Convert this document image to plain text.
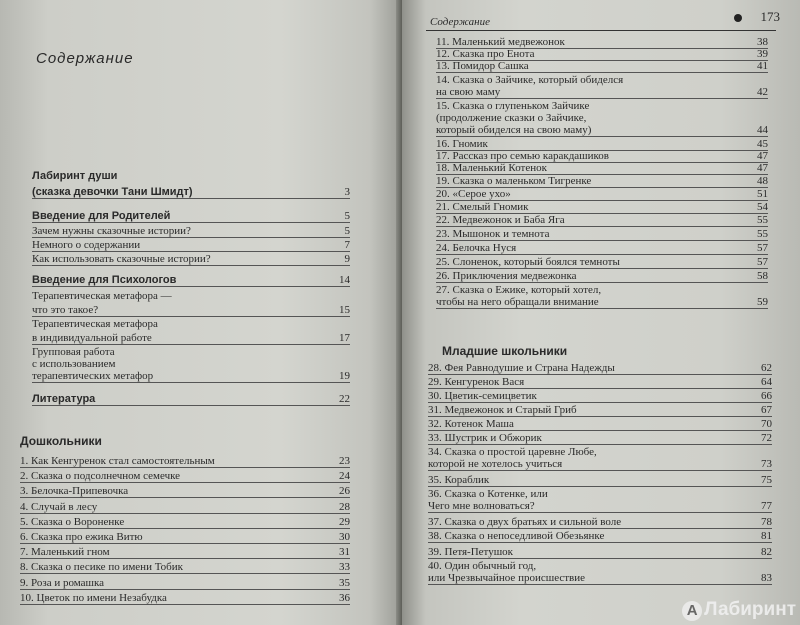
Содержание
Лабиринт души
(сказка девочки Тани Шмидт)	3
Введение для Родителей	5
Зачем нужны сказочные истории?	5
Немного о содержании	7
Как использовать сказочные истории?	9
Введение для Психологов	14
Терапевтическая метафора —
что это такое?	15
Терапевтическая метафора
в индивидуальной работе	17
Групповая работа
с использованием
терапевтических метафор	19
Литература	22
Дошкольники
1. Как Кенгуренок стал самостоятельным	23
2. Сказка о подсолнечном семечке	24
3. Белочка-Припевочка	26
4. Случай в лесу	28
5. Сказка о Вороненке	29
6. Сказка про ежика Витю	30
7. Маленький гном	31
8. Сказка о песике по имени Тобик	33
9. Роза и ромашка	35
10. Цветок по имени Незабудка	36
Содержание	173
11. Маленький медвежонок	38
12. Сказка про Енота	39
13. Помидор Сашка	41
14. Сказка о Зайчике, который обиделся
на свою маму	42
15. Сказка о глупеньком Зайчике
(продолжение сказки о Зайчике,
который обиделся на свою маму)	44
16. Гномик	45
17. Рассказ про семью каракдашиков	47
18. Маленький Котенок	47
19. Сказка о маленьком Тигренке	48
20. «Серое ухо»	51
21. Смелый Гномик	54
22. Медвежонок и Баба Яга	55
23. Мышонок и темнота	55
24. Белочка Нуся	57
25. Слоненок, который боялся темноты	57
26. Приключения медвежонка	58
27. Сказка о Ежике, который хотел,
чтобы на него обращали внимание	59
Младшие школьники
28. Фея Равнодушие и Страна Надежды	62
29. Кенгуренок Вася	64
30. Цветик-семицветик	66
31. Медвежонок и Старый Гриб	67
32. Котенок Маша	70
33. Шустрик и Обжорик	72
34. Сказка о простой царевне Любе,
которой не хотелось учиться	73
35. Кораблик	75
36. Сказка о Котенке, или
Чего мне волноваться?	77
37. Сказка о двух братьях и сильной воле	78
38. Сказка о непоседливой Обезьянке	81
39. Петя-Петушок	82
40. Один обычный год,
или Чрезвычайное происшествие	83
A Лабиринт
